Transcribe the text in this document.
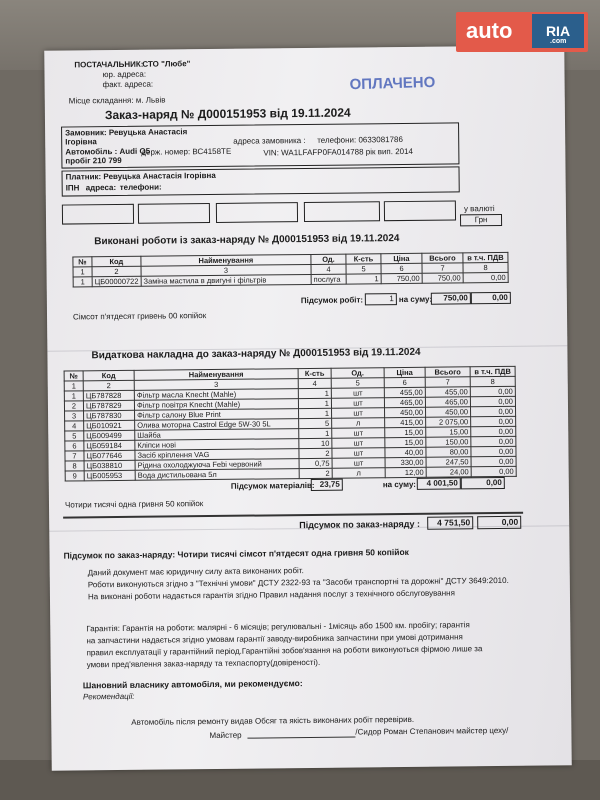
ПОСТАЧАЛЬНИК:
СТО "Любе"
юр. адреса:
факт. адреса:
Місце складання: м. Львів
ОПЛАЧЕНО
Заказ-наряд № Д000151953 від 19.11.2024
Замовник: Ревуцька Анастасія Ігорівна	адреса замовника : телефони: 0633081786
Автомобіль : Audi Q5
держ. номер: ВС4158ТЕ	VIN: WA1LFAFP0FA014788 рік вип. 2014
пробіг 210 799
Платник: Ревуцька Анастасія Ігорівна
ІПН адреса: телефони:
у валюті
Грн
Виконані роботи із заказ-наряду № Д000151953 від 19.11.2024
№	Код	Найменування	Од.	К-сть	Ціна	Всього	в т.ч. ПДВ
1	2	3	4	5	6	7	8
1	ЦБ00000722	Заміна мастила в двигуні і фільтрів	послуга	1	750,00	750,00	0,00
Підсумок робіт:	1 на суму:	750,00	0,00
Сімсот п'ятдесят гривень 00 копійок
Видаткова накладна до заказ-наряду № Д000151953 від 19.11.2024
№	Код	Найменування	К-сть	Од.	Ціна	Всього	в т.ч. ПДВ
1	2	3	4	5	6	7	8
1	ЦБ787828	Фільтр масла Knecht (Mahle)	1	шт	455,00	455,00	0,00
2	ЦБ787829	Фільтр повітря Knecht (Mahle)	1	шт	465,00	465,00	0,00
3	ЦБ787830	Фільтр салону Blue Print	1	шт	450,00	450,00	0,00
4	ЦБ010921	Олива моторна Castrol Edge 5W-30 5L	5	л	415,00	2 075,00	0,00
5	ЦБ009499	Шайба	1	шт	15,00	15,00	0,00
6	ЦБ059184	Кліпси нові	10	шт	15,00	150,00	0,00
7	ЦБ077646	Засіб кріплення VAG	2	шт	40,00	80,00	0,00
8	ЦБ038810	Рідина охолоджуюча Febi червоний	0,75	шт	330,00	247,50	0,00
9	ЦБ005953	Вода дистильована 5л	2	л	12,00	24,00	0,00
Підсумок матеріалів: 23,75	на суму:	4 001,50	0,00
Чотири тисячі одна гривня 50 копійок
Підсумок по заказ-наряду :	4 751,50	0,00
Підсумок по заказ-наряду: Чотири тисячі сімсот п'ятдесят одна гривня 50 копійок
Даний документ має юридичну силу акта виконаних робіт.
Роботи виконуються згідно з "Технічні умови" ДСТУ 2322-93 та "Засоби транспортні та дорожні" ДСТУ 3649:2010.
На виконані роботи надається гарантія згідно Правил надання послуг з технічного обслуговування
Гарантія: Гарантія на роботи: малярні - 6 місяців; регулювальні - 1місяць або 1500 км. пробігу; гарантія
на запчастини надається згідно умовам гарантії заводу-виробника запчастини при умові дотримання
правил експлуатації у гарантійний період.Гарантійні зобов'язання на роботи виконуються фірмою лише за
умови пред'явлення заказ-наряду та техпаспорту(довіреності).
Шановний власнику автомобіля, ми рекомендуємо:
Рекомендації:
Автомобіль після ремонту видав Обсяг та якість виконаних робіт перевірив.
Майстер	/Сидор Роман Степанович майстер цеху/
auto	RIA
.com
